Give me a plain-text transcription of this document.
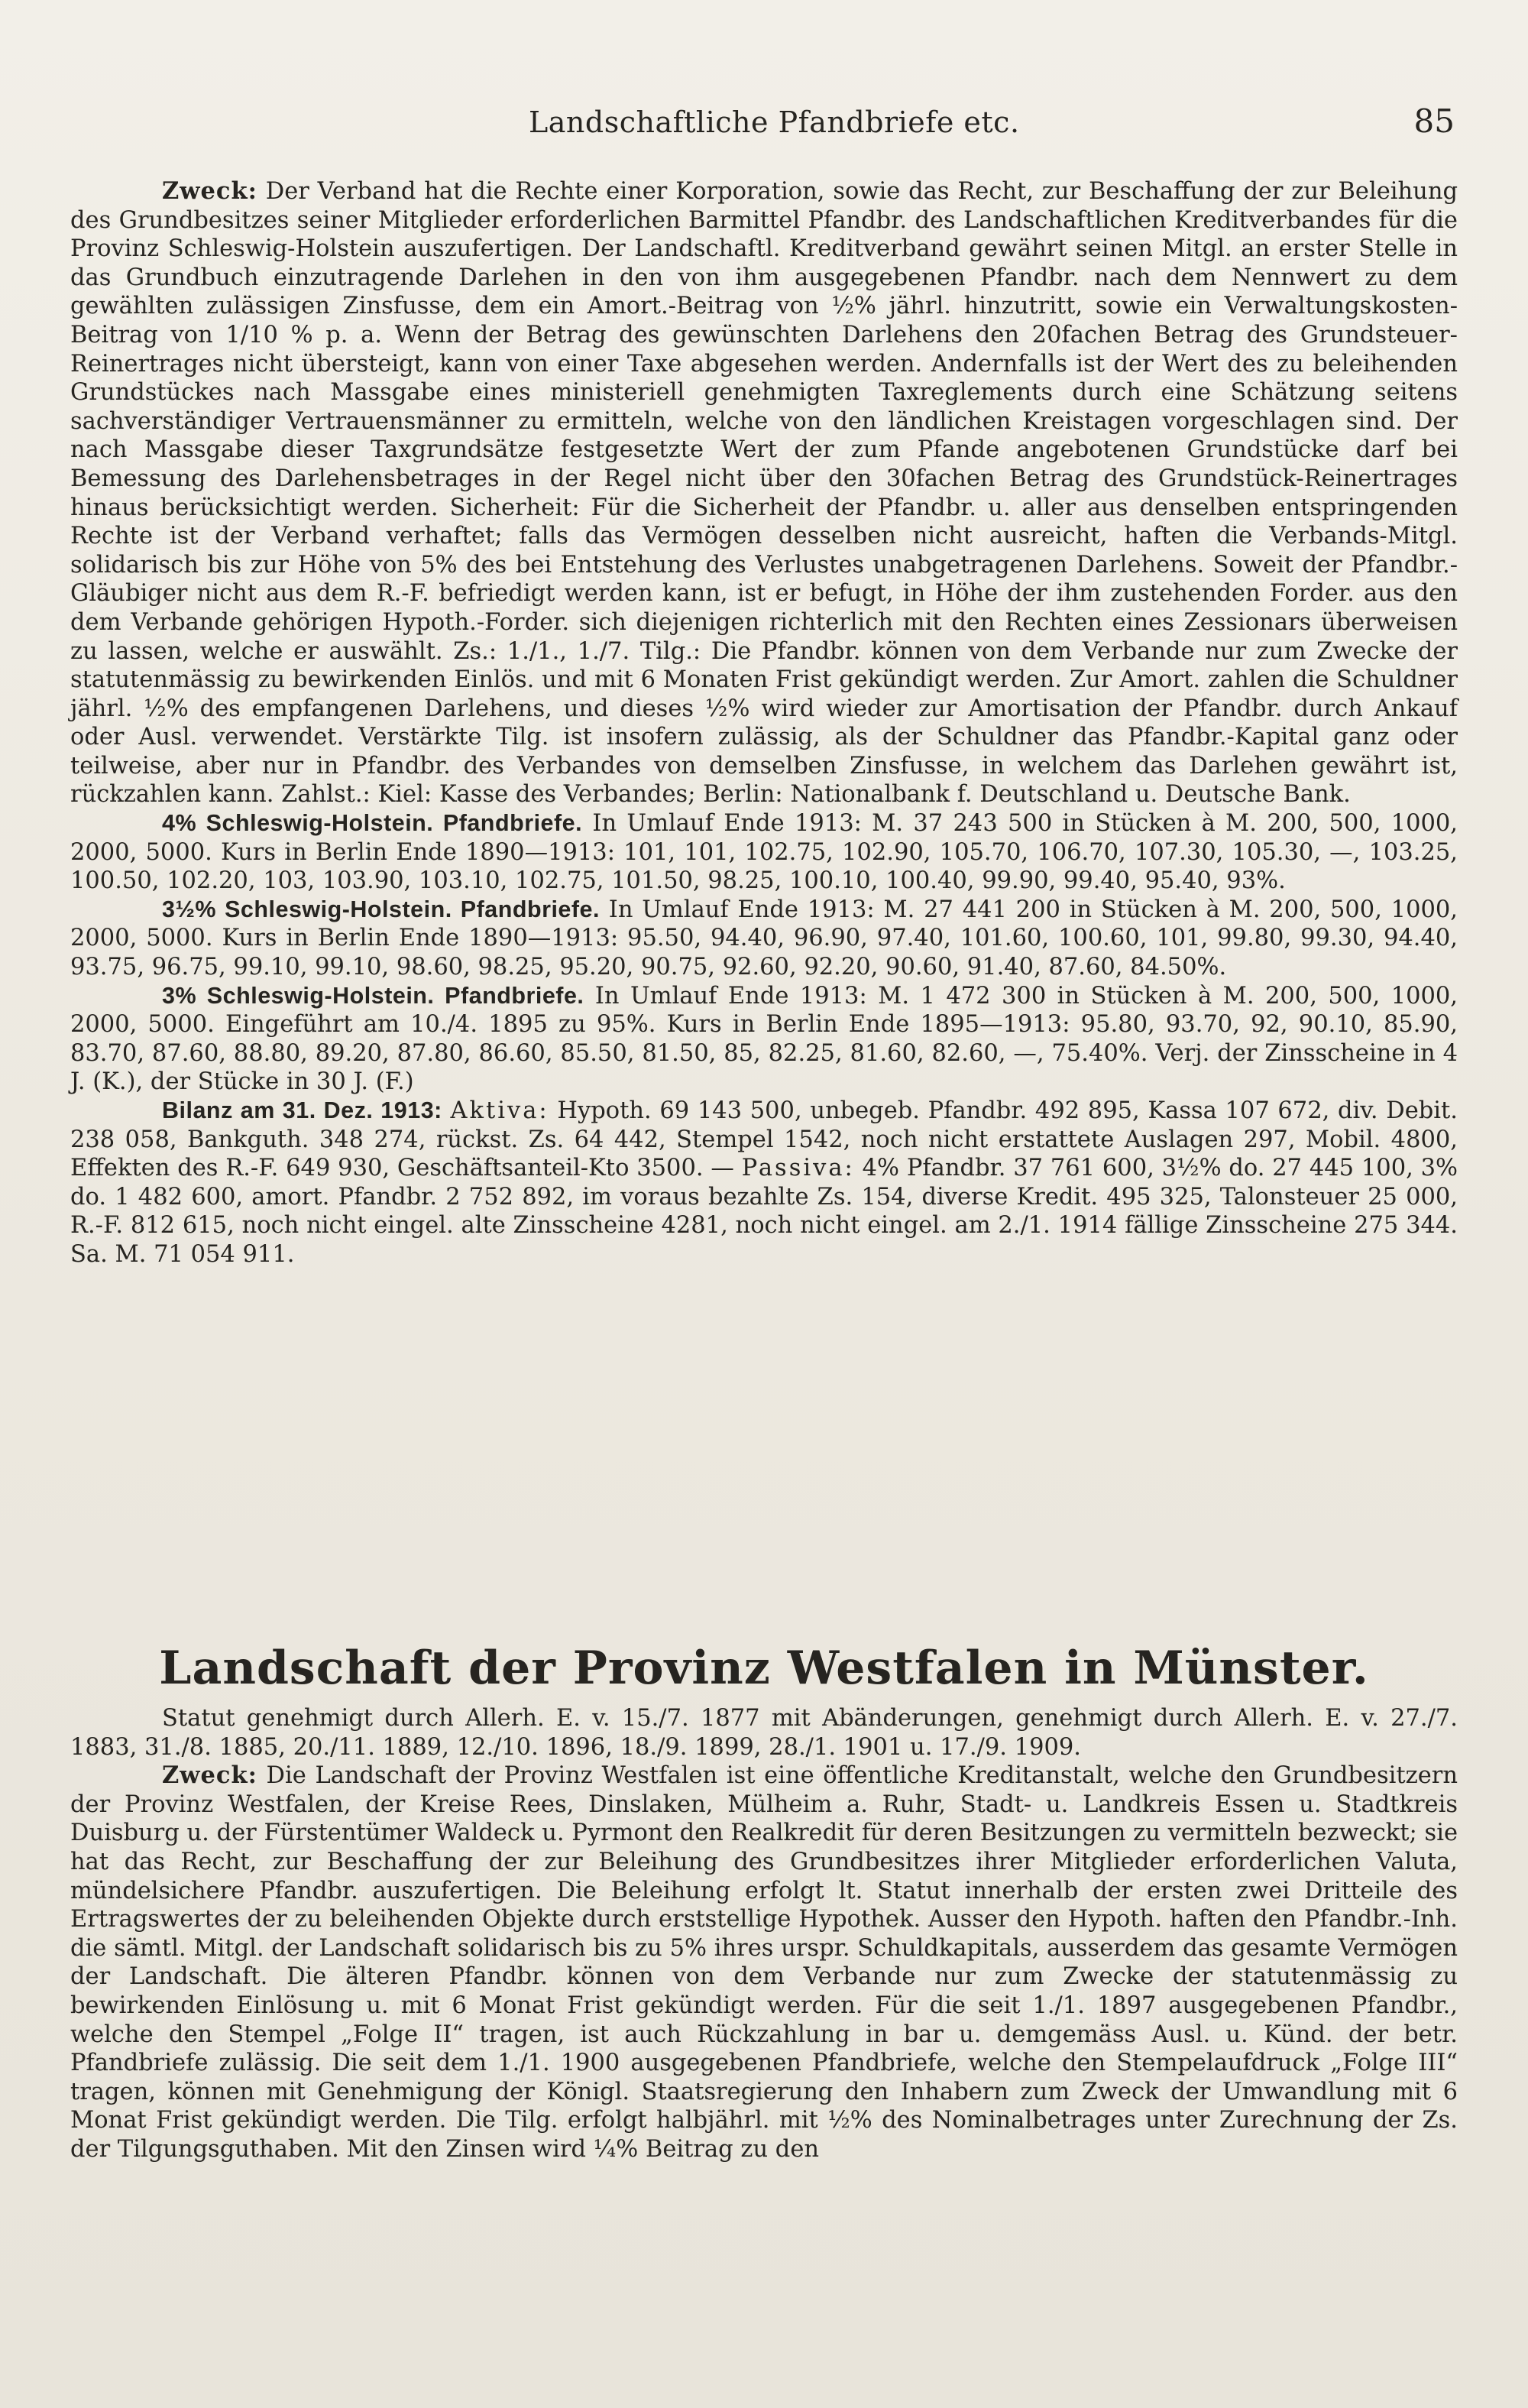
Landschaftliche Pfandbriefe etc.	85

Zweck: Der Verband hat die Rechte einer Korporation, sowie das Recht, zur Beschaffung der zur Beleihung des Grundbesitzes seiner Mitglieder erforderlichen Barmittel Pfandbr. des Landschaftlichen Kreditverbandes für die Provinz Schleswig-Holstein auszufertigen. Der Landschaftl. Kreditverband gewährt seinen Mitgl. an erster Stelle in das Grundbuch einzutragende Darlehen in den von ihm ausgegebenen Pfandbr. nach dem Nennwert zu dem gewählten zulässigen Zinsfusse, dem ein Amort.-Beitrag von ½% jährl. hinzutritt, sowie ein Verwaltungskosten-Beitrag von 1/10 % p. a. Wenn der Betrag des gewünschten Darlehens den 20fachen Betrag des Grundsteuer-Reinertrages nicht übersteigt, kann von einer Taxe abgesehen werden. Andernfalls ist der Wert des zu beleihenden Grundstückes nach Massgabe eines ministeriell genehmigten Taxreglements durch eine Schätzung seitens sachverständiger Vertrauensmänner zu ermitteln, welche von den ländlichen Kreistagen vorgeschlagen sind. Der nach Massgabe dieser Taxgrundsätze festgesetzte Wert der zum Pfande angebotenen Grundstücke darf bei Bemessung des Darlehensbetrages in der Regel nicht über den 30fachen Betrag des Grundstück-Reinertrages hinaus berücksichtigt werden. Sicherheit: Für die Sicherheit der Pfandbr. u. aller aus denselben entspringenden Rechte ist der Verband verhaftet; falls das Vermögen desselben nicht ausreicht, haften die Verbands-Mitgl. solidarisch bis zur Höhe von 5% des bei Entstehung des Verlustes unabgetragenen Darlehens. Soweit der Pfandbr.-Gläubiger nicht aus dem R.-F. befriedigt werden kann, ist er befugt, in Höhe der ihm zustehenden Forder. aus den dem Verbande gehörigen Hypoth.-Forder. sich diejenigen richterlich mit den Rechten eines Zessionars überweisen zu lassen, welche er auswählt. Zs.: 1./1., 1./7. Tilg.: Die Pfandbr. können von dem Verbande nur zum Zwecke der statutenmässig zu bewirkenden Einlös. und mit 6 Monaten Frist gekündigt werden. Zur Amort. zahlen die Schuldner jährl. ½% des empfangenen Darlehens, und dieses ½% wird wieder zur Amortisation der Pfandbr. durch Ankauf oder Ausl. verwendet. Verstärkte Tilg. ist insofern zulässig, als der Schuldner das Pfandbr.-Kapital ganz oder teilweise, aber nur in Pfandbr. des Verbandes von demselben Zinsfusse, in welchem das Darlehen gewährt ist, rückzahlen kann. Zahlst.: Kiel: Kasse des Verbandes; Berlin: Nationalbank f. Deutschland u. Deutsche Bank.

4% Schleswig-Holstein. Pfandbriefe. In Umlauf Ende 1913: M. 37 243 500 in Stücken à M. 200, 500, 1000, 2000, 5000. Kurs in Berlin Ende 1890—1913: 101, 101, 102.75, 102.90, 105.70, 106.70, 107.30, 105.30, —, 103.25, 100.50, 102.20, 103, 103.90, 103.10, 102.75, 101.50, 98.25, 100.10, 100.40, 99.90, 99.40, 95.40, 93%.

3½% Schleswig-Holstein. Pfandbriefe. In Umlauf Ende 1913: M. 27 441 200 in Stücken à M. 200, 500, 1000, 2000, 5000. Kurs in Berlin Ende 1890—1913: 95.50, 94.40, 96.90, 97.40, 101.60, 100.60, 101, 99.80, 99.30, 94.40, 93.75, 96.75, 99.10, 99.10, 98.60, 98.25, 95.20, 90.75, 92.60, 92.20, 90.60, 91.40, 87.60, 84.50%.

3% Schleswig-Holstein. Pfandbriefe. In Umlauf Ende 1913: M. 1 472 300 in Stücken à M. 200, 500, 1000, 2000, 5000. Eingeführt am 10./4. 1895 zu 95%. Kurs in Berlin Ende 1895—1913: 95.80, 93.70, 92, 90.10, 85.90, 83.70, 87.60, 88.80, 89.20, 87.80, 86.60, 85.50, 81.50, 85, 82.25, 81.60, 82.60, —, 75.40%. Verj. der Zinsscheine in 4 J. (K.), der Stücke in 30 J. (F.)

Bilanz am 31. Dez. 1913: Aktiva: Hypoth. 69 143 500, unbegeb. Pfandbr. 492 895, Kassa 107 672, div. Debit. 238 058, Bankguth. 348 274, rückst. Zs. 64 442, Stempel 1542, noch nicht erstattete Auslagen 297, Mobil. 4800, Effekten des R.-F. 649 930, Geschäftsanteil-Kto 3500. — Passiva: 4% Pfandbr. 37 761 600, 3½% do. 27 445 100, 3% do. 1 482 600, amort. Pfandbr. 2 752 892, im voraus bezahlte Zs. 154, diverse Kredit. 495 325, Talonsteuer 25 000, R.-F. 812 615, noch nicht eingel. alte Zinsscheine 4281, noch nicht eingel. am 2./1. 1914 fällige Zinsscheine 275 344. Sa. M. 71 054 911.

Landschaft der Provinz Westfalen in Münster.

Statut genehmigt durch Allerh. E. v. 15./7. 1877 mit Abänderungen, genehmigt durch Allerh. E. v. 27./7. 1883, 31./8. 1885, 20./11. 1889, 12./10. 1896, 18./9. 1899, 28./1. 1901 u. 17./9. 1909.

Zweck: Die Landschaft der Provinz Westfalen ist eine öffentliche Kreditanstalt, welche den Grundbesitzern der Provinz Westfalen, der Kreise Rees, Dinslaken, Mülheim a. Ruhr, Stadt- u. Landkreis Essen u. Stadtkreis Duisburg u. der Fürstentümer Waldeck u. Pyrmont den Realkredit für deren Besitzungen zu vermitteln bezweckt; sie hat das Recht, zur Beschaffung der zur Beleihung des Grundbesitzes ihrer Mitglieder erforderlichen Valuta, mündelsichere Pfandbr. auszufertigen. Die Beleihung erfolgt lt. Statut innerhalb der ersten zwei Dritteile des Ertragswertes der zu beleihenden Objekte durch erststellige Hypothek. Ausser den Hypoth. haften den Pfandbr.-Inh. die sämtl. Mitgl. der Landschaft solidarisch bis zu 5% ihres urspr. Schuldkapitals, ausserdem das gesamte Vermögen der Landschaft. Die älteren Pfandbr. können von dem Verbande nur zum Zwecke der statutenmässig zu bewirkenden Einlösung u. mit 6 Monat Frist gekündigt werden. Für die seit 1./1. 1897 ausgegebenen Pfandbr., welche den Stempel „Folge II“ tragen, ist auch Rückzahlung in bar u. demgemäss Ausl. u. Künd. der betr. Pfandbriefe zulässig. Die seit dem 1./1. 1900 ausgegebenen Pfandbriefe, welche den Stempelaufdruck „Folge III“ tragen, können mit Genehmigung der Königl. Staatsregierung den Inhabern zum Zweck der Umwandlung mit 6 Monat Frist gekündigt werden. Die Tilg. erfolgt halbjährl. mit ½% des Nominalbetrages unter Zurechnung der Zs. der Tilgungsguthaben. Mit den Zinsen wird ¼% Beitrag zu den
